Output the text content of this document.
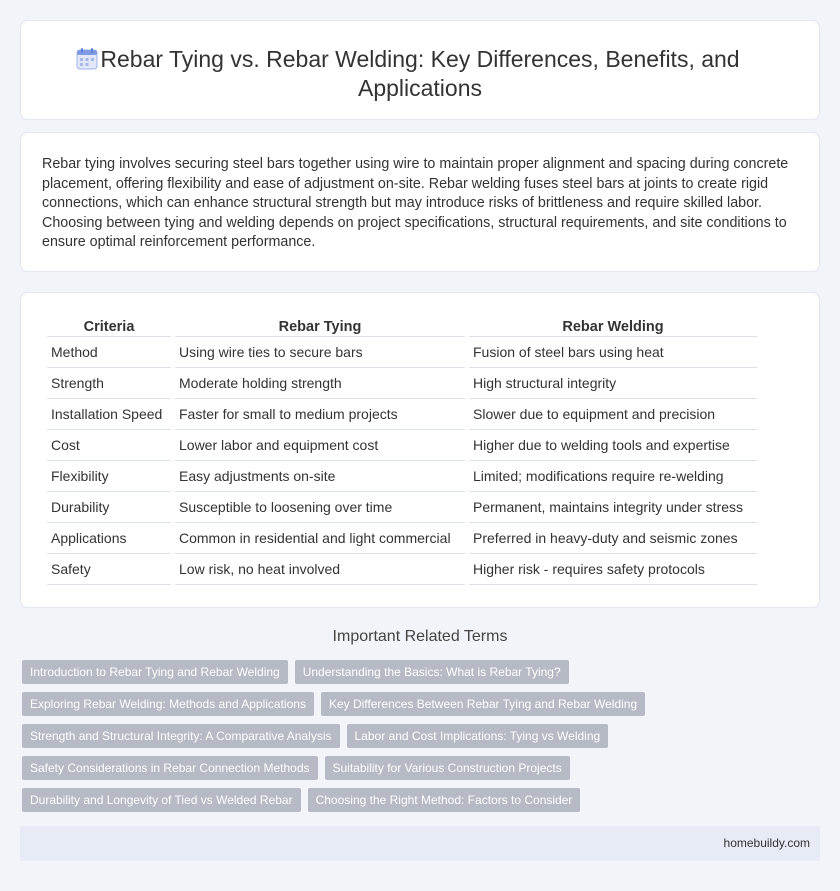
Rebar Tying vs. Rebar Welding: Key Differences, Benefits, and Applications

Rebar tying involves securing steel bars together using wire to maintain proper alignment and spacing during concrete placement, offering flexibility and ease of adjustment on-site. Rebar welding fuses steel bars at joints to create rigid connections, which can enhance structural strength but may introduce risks of brittleness and require skilled labor. Choosing between tying and welding depends on project specifications, structural requirements, and site conditions to ensure optimal reinforcement performance.

Criteria	Rebar Tying	Rebar Welding
Method	Using wire ties to secure bars	Fusion of steel bars using heat
Strength	Moderate holding strength	High structural integrity
Installation Speed	Faster for small to medium projects	Slower due to equipment and precision
Cost	Lower labor and equipment cost	Higher due to welding tools and expertise
Flexibility	Easy adjustments on-site	Limited; modifications require re-welding
Durability	Susceptible to loosening over time	Permanent, maintains integrity under stress
Applications	Common in residential and light commercial	Preferred in heavy-duty and seismic zones
Safety	Low risk, no heat involved	Higher risk - requires safety protocols
Important Related Terms
Introduction to Rebar Tying and Rebar Welding	Understanding the Basics: What is Rebar Tying?
Exploring Rebar Welding: Methods and Applications	Key Differences Between Rebar Tying and Rebar Welding
Strength and Structural Integrity: A Comparative Analysis	Labor and Cost Implications: Tying vs Welding
Safety Considerations in Rebar Connection Methods	Suitability for Various Construction Projects
Durability and Longevity of Tied vs Welded Rebar	Choosing the Right Method: Factors to Consider
homebuildy.com
